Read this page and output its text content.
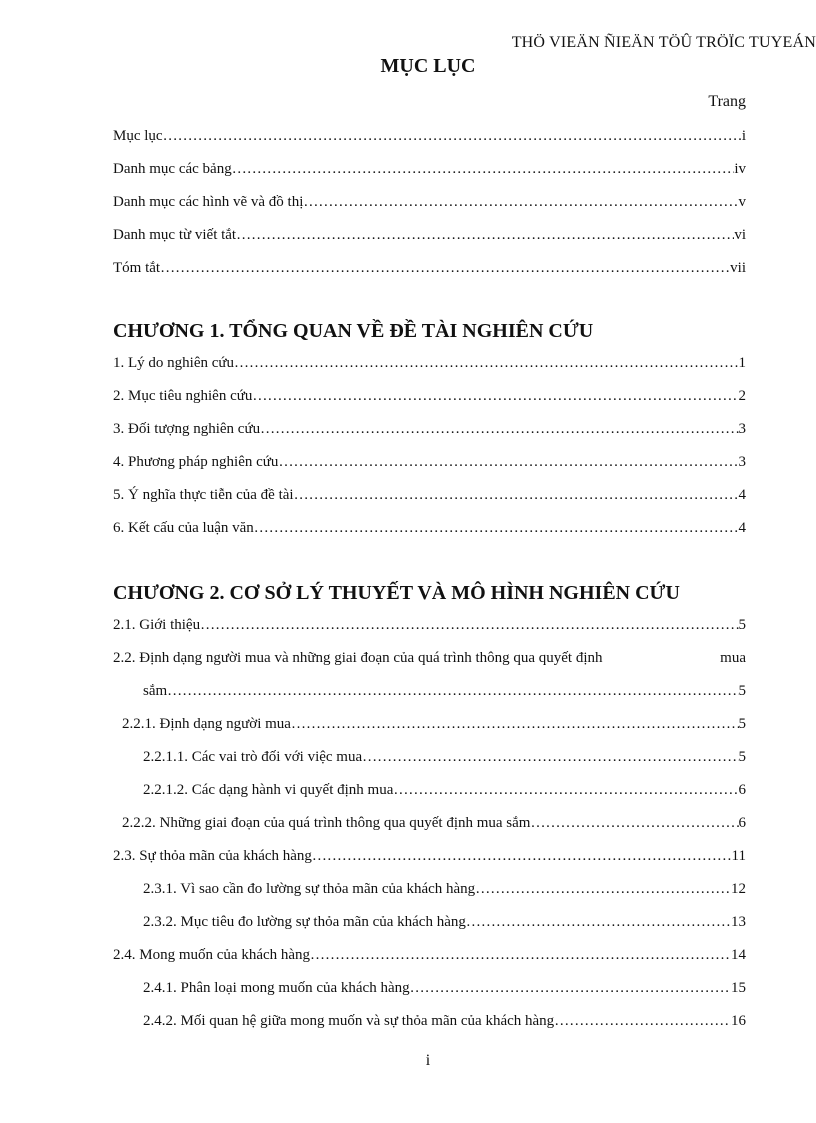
THÖ VIEÄN ÑIEÄN TÖÛ TRÖÏC TUYEÁN
MỤC LỤC
Trang
Mục lục ………………………………………………………………………………………………………………………………………………………………………………………………………………………………	.i
Danh mục các bảng ………………………………………………………………………………………………………………………………………………………………………………………………………………………………	iv
Danh mục các hình vẽ và đồ thị ………………………………………………………………………………………………………………………………………………………………………………………………………………………………	v
Danh mục từ viết tắt ………………………………………………………………………………………………………………………………………………………………………………………………………………………………	vi
Tóm tắt ………………………………………………………………………………………………………………………………………………………………………………………………………………………………	vii
CHƯƠNG 1. TỔNG QUAN VỀ ĐỀ TÀI NGHIÊN CỨU
1. Lý do nghiên cứu ………………………………………………………………………………………………………………………………………………………………………………………………………………………………	1
2. Mục tiêu nghiên cứu ………………………………………………………………………………………………………………………………………………………………………………………………………………………………	2
3. Đối tượng nghiên cứu ………………………………………………………………………………………………………………………………………………………………………………………………………………………………	3
4. Phương pháp nghiên cứu ………………………………………………………………………………………………………………………………………………………………………………………………………………………………	3
5. Ý nghĩa thực tiễn của đề tài ………………………………………………………………………………………………………………………………………………………………………………………………………………………………	4
6. Kết cấu của luận văn ………………………………………………………………………………………………………………………………………………………………………………………………………………………………	4
CHƯƠNG 2. CƠ SỞ LÝ THUYẾT VÀ MÔ HÌNH NGHIÊN CỨU
2.1. Giới thiệu ………………………………………………………………………………………………………………………………………………………………………………………………………………………………	5
2.2. Định dạng người mua và những giai đoạn của quá trình thông qua quyết định	mua
sắm ………………………………………………………………………………………………………………………………………………………………………………………………………………………………	5
2.2.1. Định dạng người mua ………………………………………………………………………………………………………………………………………………………………………………………………………………………………	5
2.2.1.1. Các vai trò đối với việc mua ………………………………………………………………………………………………………………………………………………………………………………………………………………………………	5
2.2.1.2. Các dạng hành vi quyết định mua ………………………………………………………………………………………………………………………………………………………………………………………………………………………………	6
2.2.2. Những giai đoạn của quá trình thông qua quyết định mua sắm ………………………………………………………………………………………………………………………………………………………………………………………………………………………………	6
2.3. Sự thỏa mãn của khách hàng ………………………………………………………………………………………………………………………………………………………………………………………………………………………………	11
2.3.1. Vì sao cần đo lường sự thỏa mãn của khách hàng ………………………………………………………………………………………………………………………………………………………………………………………………………………………………	12
2.3.2. Mục tiêu đo lường sự thỏa mãn của khách hàng ………………………………………………………………………………………………………………………………………………………………………………………………………………………………	13
2.4. Mong muốn của khách hàng ………………………………………………………………………………………………………………………………………………………………………………………………………………………………	14
2.4.1. Phân loại mong muốn của khách hàng ………………………………………………………………………………………………………………………………………………………………………………………………………………………………	15
2.4.2. Mối quan hệ giữa mong muốn và sự thỏa mãn của khách hàng ………………………………………………………………………………………………………………………………………………………………………………………………………………………………	16
i
